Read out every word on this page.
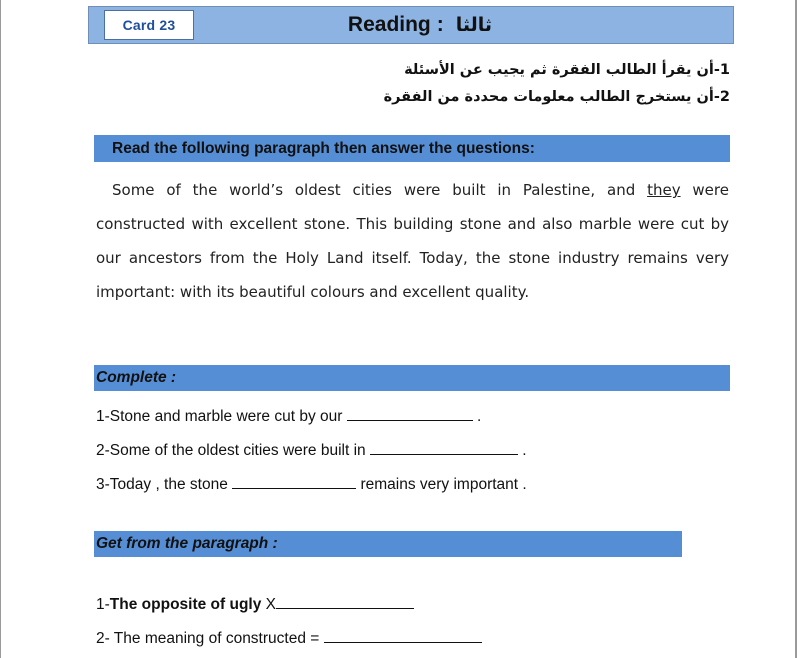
Card 23	Reading : ثالثا
1-أن يقرأ الطالب الفقرة ثم يجيب عن الأسئلة
2-أن يستخرج الطالب معلومات محددة من الفقرة
Read the following paragraph then answer the questions:
Some of the world’s oldest cities were built in Palestine, and they were constructed with excellent stone. This building stone and also marble were cut by our ancestors from the Holy Land itself. Today, the stone industry remains very important: with its beautiful colours and excellent quality.
Complete :
1-Stone and marble were cut by our	.
2-Some of the oldest cities were built in	.
3-Today , the stone	remains very important .
Get from the paragraph :
1-The opposite of ugly X
2- The meaning of constructed =
